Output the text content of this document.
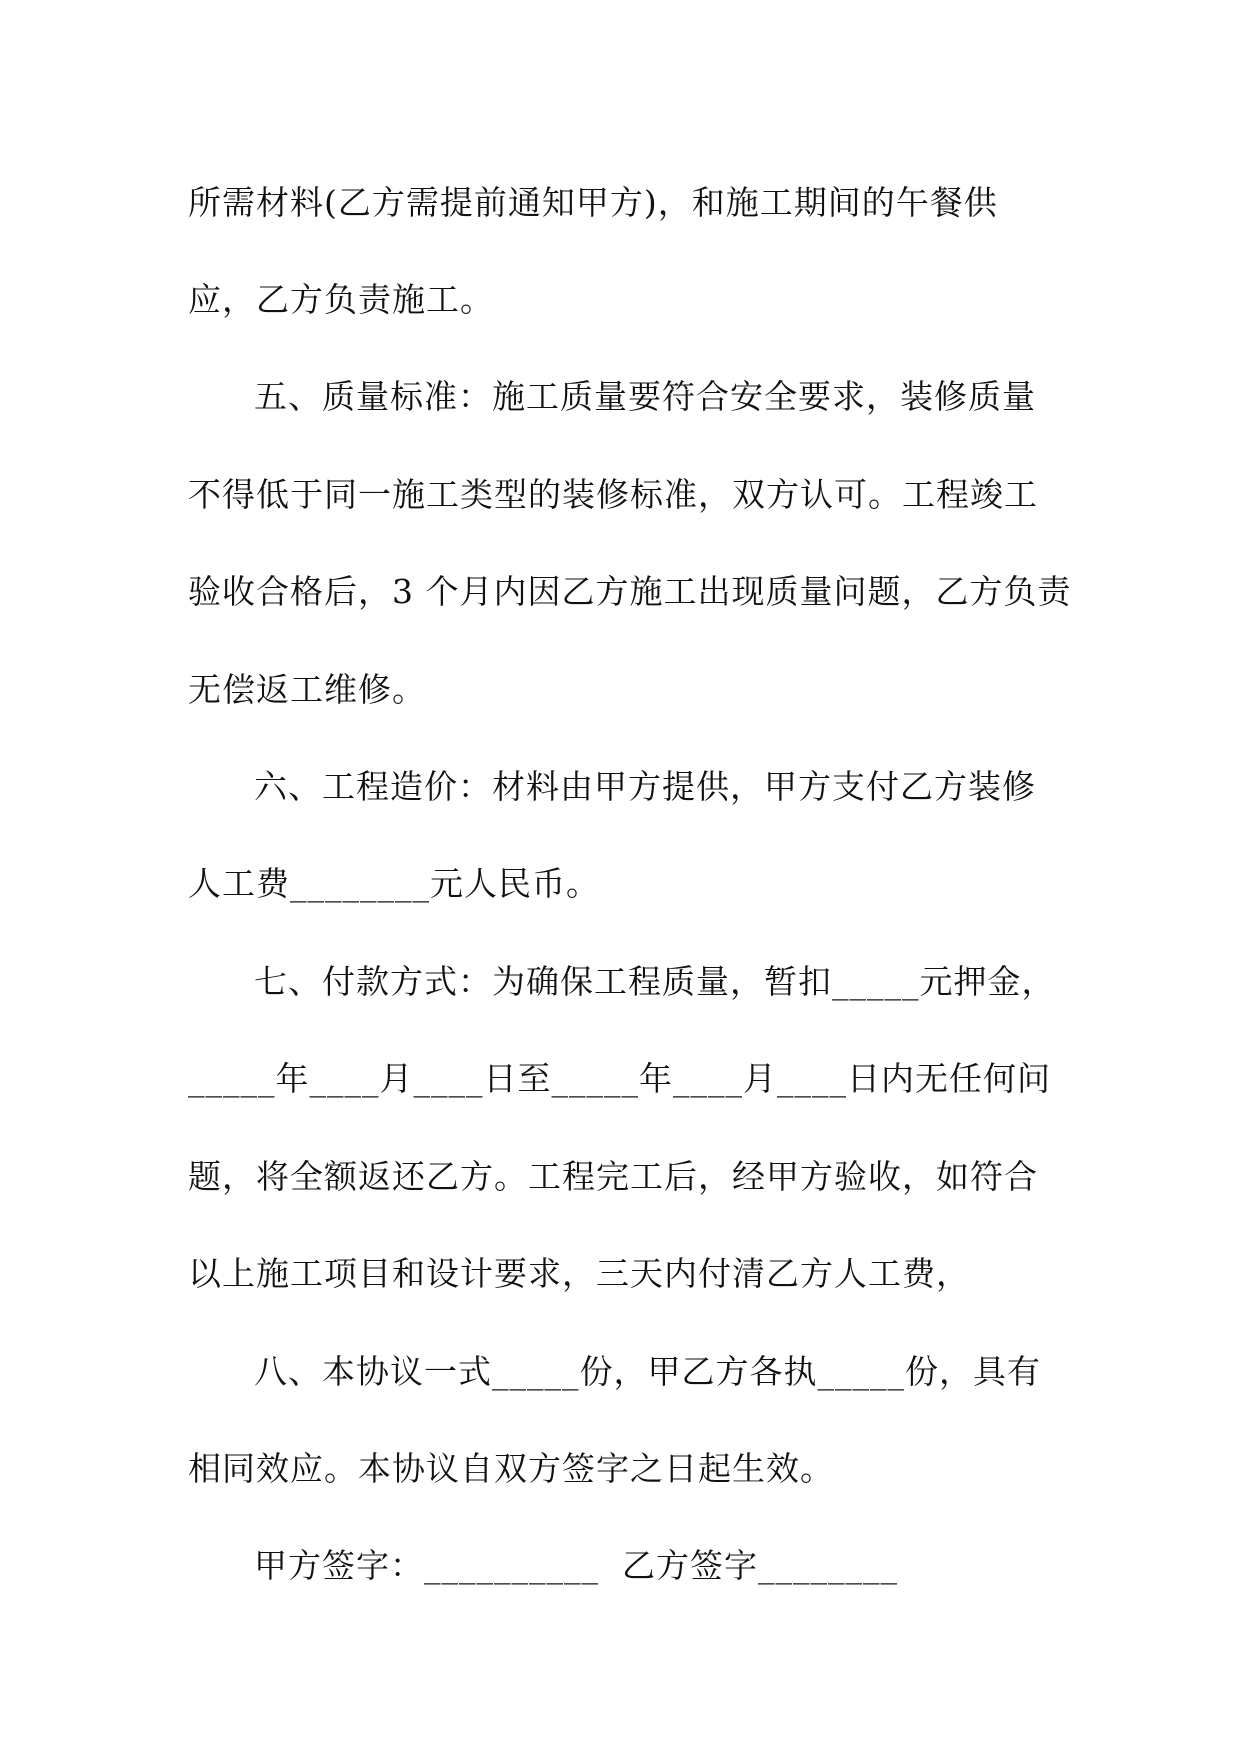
所需材料(乙方需提前通知甲方)，和施工期间的午餐供
应，乙方负责施工。
五、质量标准：施工质量要符合安全要求，装修质量
不得低于同一施工类型的装修标准，双方认可。工程竣工
验收合格后，3 个月内因乙方施工出现质量问题，乙方负责
无偿返工维修。
六、工程造价：材料由甲方提供，甲方支付乙方装修
人工费________元人民币。
七、付款方式：为确保工程质量，暂扣_____元押金，
_____年____月____日至_____年____月____日内无任何问
题，将全额返还乙方。工程完工后，经甲方验收，如符合
以上施工项目和设计要求，三天内付清乙方人工费，
八、本协议一式_____份，甲乙方各执_____份，具有
相同效应。本协议自双方签字之日起生效。
甲方签字：__________  乙方签字________
